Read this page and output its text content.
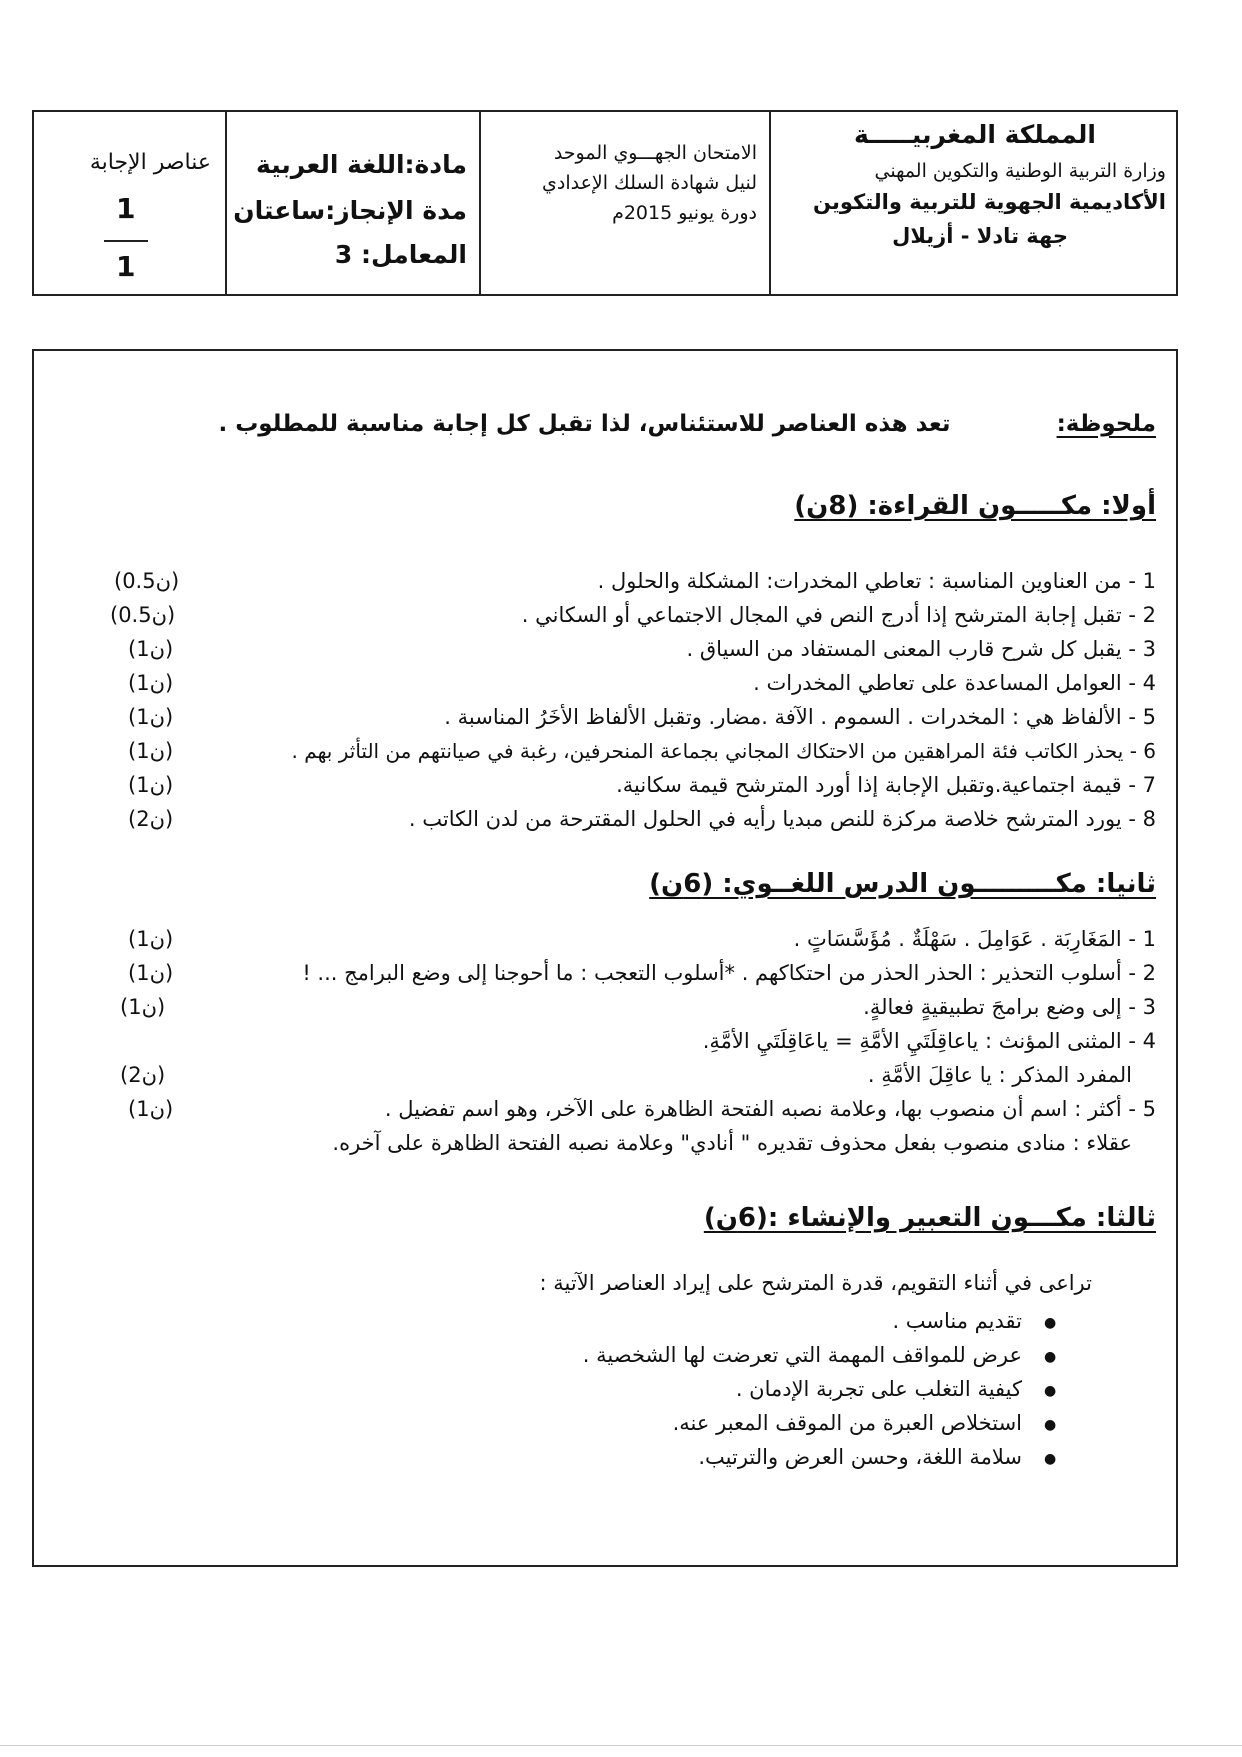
عناصر الإجابة
1
1
مادة:اللغة العربية
مدة الإنجاز:ساعتان
المعامل: 3
الامتحان الجهـــوي الموحد
لنيل شهادة السلك الإعدادي
دورة يونيو 2015م
المملكة المغربيـــــة
وزارة التربية الوطنية والتكوين المهني
الأكاديمية الجهوية للتربية والتكوين
جهة تادلا - أزيلال
ملحوظة:  تعد هذه العناصر للاستئناس، لذا تقبل كل إجابة مناسبة للمطلوب .
أولا: مكـــــون القراءة: (8ن)
1 - من العناوين المناسبة : تعاطي المخدرات: المشكلة والحلول .
(0.5ن)
2 - تقبل إجابة المترشح إذا أدرج النص في المجال الاجتماعي أو السكاني .
(0.5ن)
3 - يقبل كل شرح قارب المعنى المستفاد من السياق .
(1ن)
4 - العوامل المساعدة على تعاطي المخدرات .
(1ن)
5 - الألفاظ هي : المخدرات . السموم . الآفة .مضار. وتقبل الألفاظ الأخَرُ المناسبة .
(1ن)
6 - يحذر الكاتب فئة المراهقين من الاحتكاك المجاني بجماعة المنحرفين، رغبة في صيانتهم من التأثر بهم .
(1ن)
7 - قيمة اجتماعية.وتقبل الإجابة إذا أورد المترشح قيمة سكانية.
(1ن)
8 - يورد المترشح خلاصة مركزة للنص مبديا رأيه في الحلول المقترحة من لدن الكاتب .
(2ن)
ثانيا: مكـــــــــون الدرس اللغــوي: (6ن)
1 - المَغَارِبَة . عَوَامِلَ . سَهْلَةٌ . مُؤَسَّسَاتٍ .
(1ن)
2 - أسلوب التحذير : الحذر الحذر من احتكاكهم . *أسلوب التعجب : ما أحوجنا إلى وضع البرامج ... !
(1ن)
3 - إلى وضع برامجَ تطبيقيةٍ فعالةٍ.
(1ن)
4 - المثنى المؤنث : ياعاقِلَتَيِ الأمَّةِ = ياعَاقِلَتَيِ الأمَّةِ.
المفرد المذكر : يا عاقِلَ الأمَّةِ .
(2ن)
5 - أكثر : اسم أن منصوب بها، وعلامة نصبه الفتحة الظاهرة على الآخر، وهو اسم تفضيل .
(1ن)
عقلاء : منادى منصوب بفعل محذوف تقديره " أنادي" وعلامة نصبه الفتحة الظاهرة على آخره.
ثالثا: مكـــون التعبير والإنشاء :(6ن)
تراعى في أثناء التقويم، قدرة المترشح على إيراد العناصر الآتية :
تقديم مناسب . ●
عرض للمواقف المهمة التي تعرضت لها الشخصية . ●
كيفية التغلب على تجربة الإدمان . ●
استخلاص العبرة من الموقف المعبر عنه. ●
سلامة اللغة، وحسن العرض والترتيب. ●
